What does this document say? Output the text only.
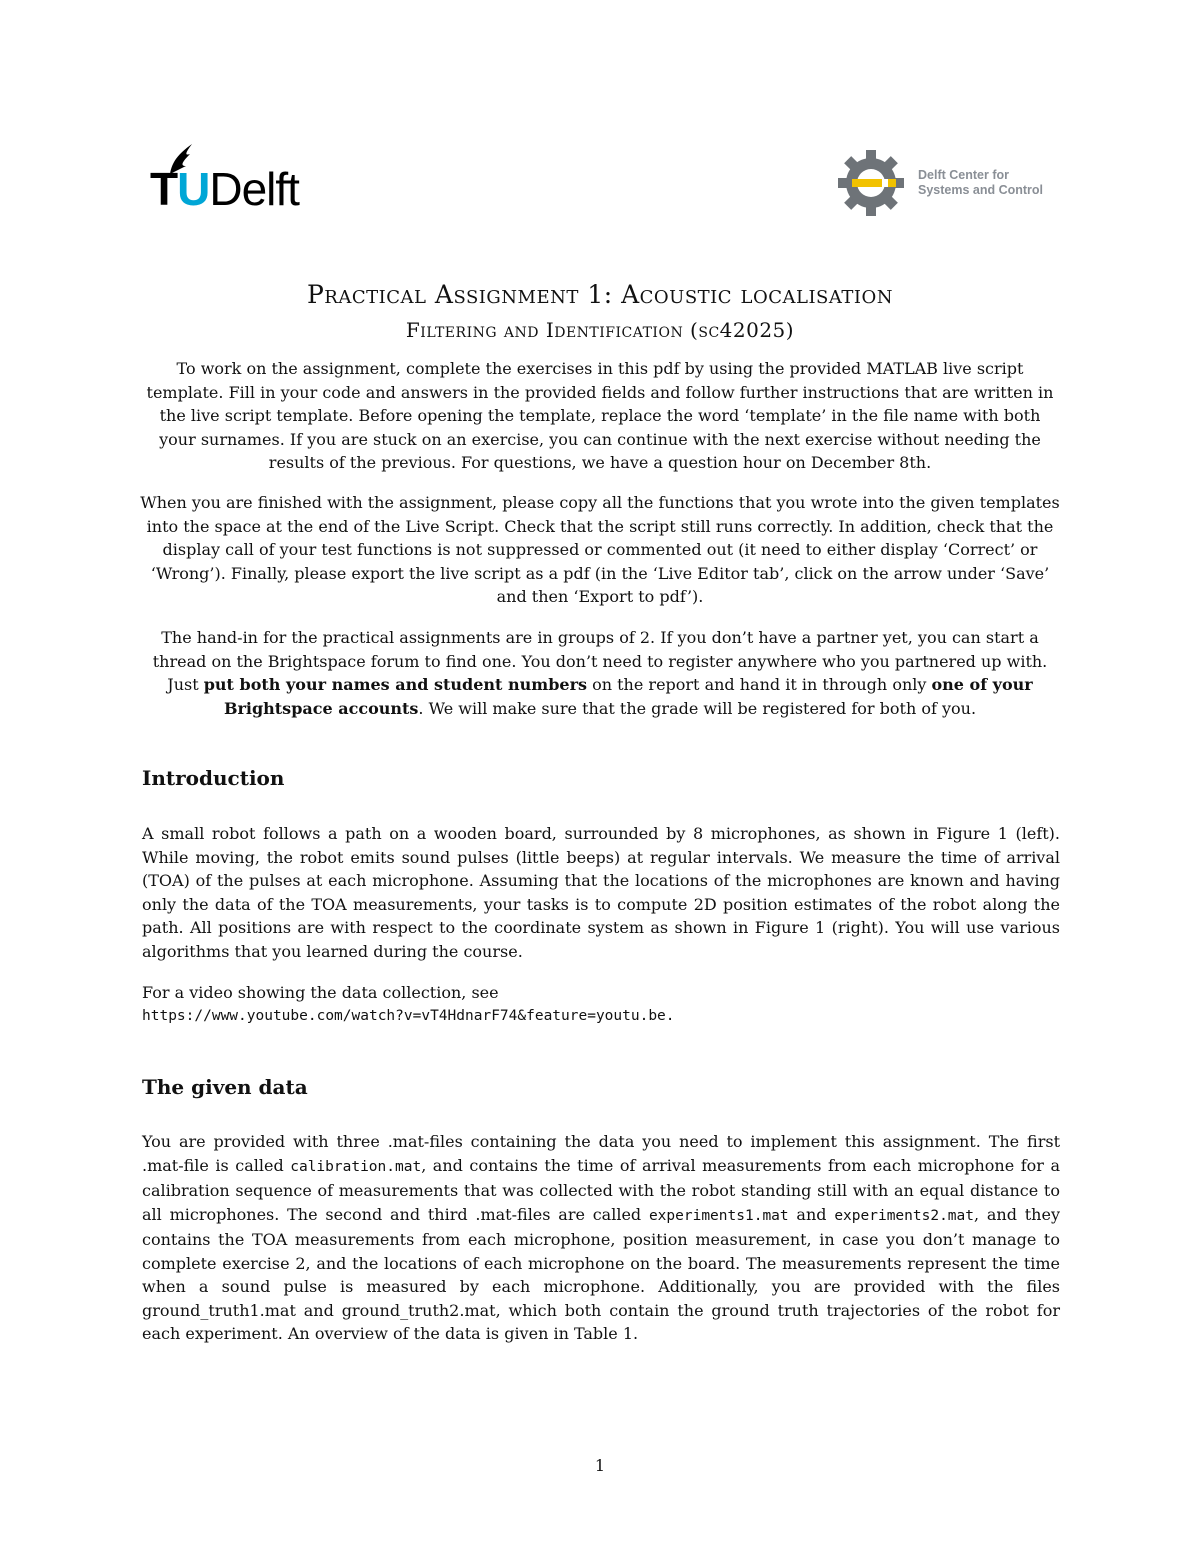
TUDelft	Delft Center for
Systems and Control
Practical Assignment 1: Acoustic localisation
Filtering and Identification (sc42025)

To work on the assignment, complete the exercises in this pdf by using the provided MATLAB live script template. Fill in your code and answers in the provided fields and follow further instructions that are written in the live script template. Before opening the template, replace the word ‘template’ in the file name with both your surnames. If you are stuck on an exercise, you can continue with the next exercise without needing the results of the previous. For questions, we have a question hour on December 8th.

When you are finished with the assignment, please copy all the functions that you wrote into the given templates into the space at the end of the Live Script. Check that the script still runs correctly. In addition, check that the display call of your test functions is not suppressed or commented out (it need to either display ‘Correct’ or ‘Wrong’). Finally, please export the live script as a pdf (in the ‘Live Editor tab’, click on the arrow under ‘Save’ and then ‘Export to pdf’).

The hand-in for the practical assignments are in groups of 2. If you don’t have a partner yet, you can start a thread on the Brightspace forum to find one. You don’t need to register anywhere who you partnered up with. Just put both your names and student numbers on the report and hand it in through only one of your Brightspace accounts. We will make sure that the grade will be registered for both of you.

Introduction

A small robot follows a path on a wooden board, surrounded by 8 microphones, as shown in Figure 1 (left). While moving, the robot emits sound pulses (little beeps) at regular intervals. We measure the time of arrival (TOA) of the pulses at each microphone. Assuming that the locations of the microphones are known and having only the data of the TOA measurements, your tasks is to compute 2D position estimates of the robot along the path. All positions are with respect to the coordinate system as shown in Figure 1 (right). You will use various algorithms that you learned during the course.

For a video showing the data collection, see

https://www.youtube.com/watch?v=vT4HdnarF74&feature=youtu.be.

The given data

You are provided with three .mat-files containing the data you need to implement this assignment. The first .mat-file is called calibration.mat, and contains the time of arrival measurements from each microphone for a calibration sequence of measurements that was collected with the robot standing still with an equal distance to all microphones. The second and third .mat-files are called experiments1.mat and experiments2.mat, and they contains the TOA measurements from each microphone, position measurement, in case you don’t manage to complete exercise 2, and the locations of each microphone on the board. The measurements represent the time when a sound pulse is measured by each microphone. Additionally, you are provided with the files ground_truth1.mat and ground_truth2.mat, which both contain the ground truth trajectories of the robot for each experiment. An overview of the data is given in Table 1.

1
